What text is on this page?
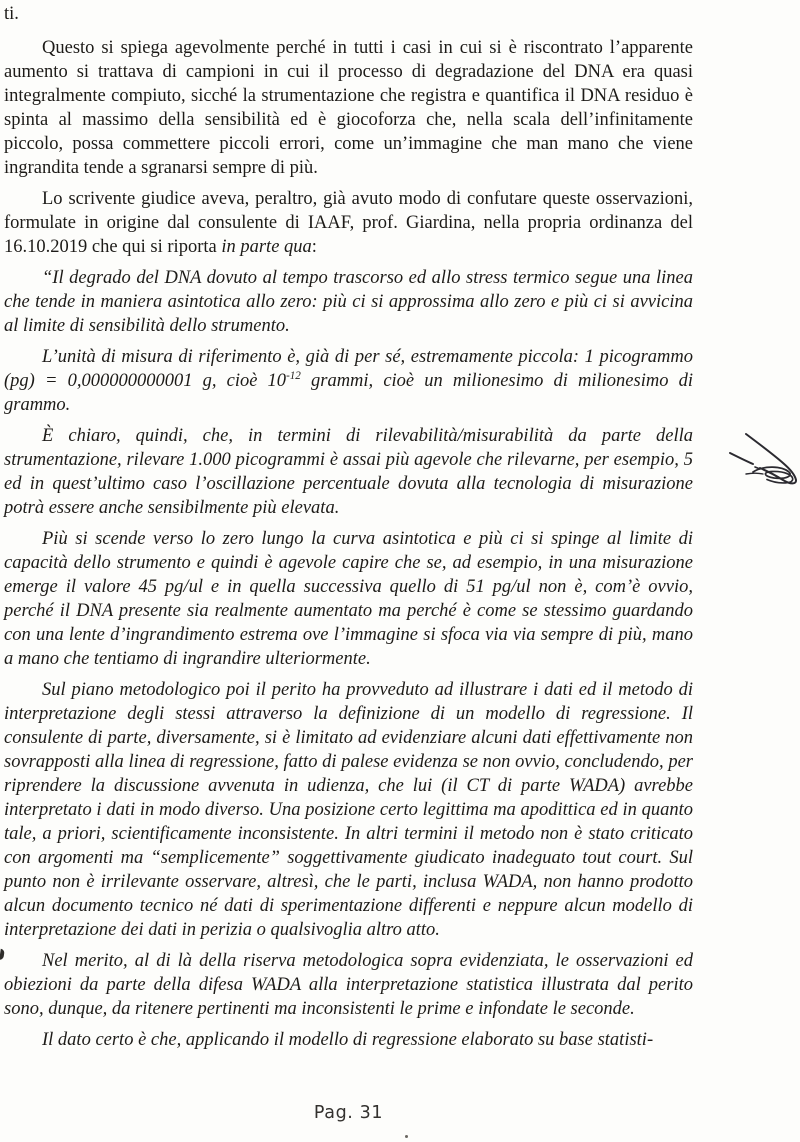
ti.

Questo si spiega agevolmente perché in tutti i casi in cui si è riscontrato l’apparente aumento si trattava di campioni in cui il processo di degradazione del DNA era quasi integralmente compiuto, sicché la strumentazione che registra e quantifica il DNA residuo è spinta al massimo della sensibilità ed è giocoforza che, nella scala dell’infinitamente piccolo, possa commettere piccoli errori, come un’immagine che man mano che viene ingrandita tende a sgranarsi sempre di più.

Lo scrivente giudice aveva, peraltro, già avuto modo di confutare queste osservazioni, formulate in origine dal consulente di IAAF, prof. Giardina, nella propria ordinanza del 16.10.2019 che qui si riporta in parte qua:

“Il degrado del DNA dovuto al tempo trascorso ed allo stress termico segue una linea che tende in maniera asintotica allo zero: più ci si approssima allo zero e più ci si avvicina al limite di sensibilità dello strumento.

L’unità di misura di riferimento è, già di per sé, estremamente piccola: 1 picogrammo (pg) = 0,000000000001 g, cioè $10^{-12}$ grammi, cioè un milionesimo di milionesimo di grammo.

È chiaro, quindi, che, in termini di rilevabilità/misurabilità da parte della strumentazione, rilevare 1.000 picogrammi è assai più agevole che rilevarne, per esempio, 5 ed in quest’ultimo caso l’oscillazione percentuale dovuta alla tecnologia di misurazione potrà essere anche sensibilmente più elevata.

Più si scende verso lo zero lungo la curva asintotica e più ci si spinge al limite di capacità dello strumento e quindi è agevole capire che se, ad esempio, in una misurazione emerge il valore 45 pg/ul e in quella successiva quello di 51 pg/ul non è, com’è ovvio, perché il DNA presente sia realmente aumentato ma perché è come se stessimo guardando con una lente d’ingrandimento estrema ove l’immagine si sfoca via via sempre di più, mano a mano che tentiamo di ingrandire ulteriormente.

Sul piano metodologico poi il perito ha provveduto ad illustrare i dati ed il metodo di interpretazione degli stessi attraverso la definizione di un modello di regressione. Il consulente di parte, diversamente, si è limitato ad evidenziare alcuni dati effettivamente non sovrapposti alla linea di regressione, fatto di palese evidenza se non ovvio, concludendo, per riprendere la discussione avvenuta in udienza, che lui (il CT di parte WADA) avrebbe interpretato i dati in modo diverso. Una posizione certo legittima ma apodittica ed in quanto tale, a priori, scientificamente inconsistente. In altri termini il metodo non è stato criticato con argomenti ma “semplicemente” soggettivamente giudicato inadeguato tout court. Sul punto non è irrilevante osservare, altresì, che le parti, inclusa WADA, non hanno prodotto alcun documento tecnico né dati di sperimentazione differenti e neppure alcun modello di interpretazione dei dati in perizia o qualsivoglia altro atto.

Nel merito, al di là della riserva metodologica sopra evidenziata, le osservazioni ed obiezioni da parte della difesa WADA alla interpretazione statistica illustrata dal perito sono, dunque, da ritenere pertinenti ma inconsistenti le prime e infondate le seconde.

Il dato certo è che, applicando il modello di regressione elaborato su base statisti-

Pag. 31
